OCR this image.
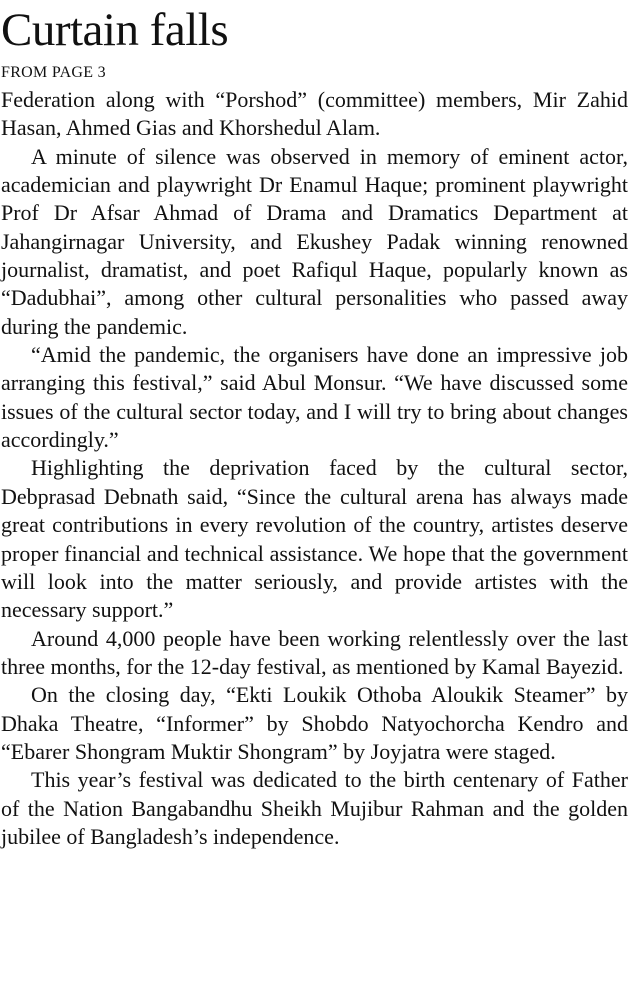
Curtain falls
FROM PAGE 3

Federation along with “Porshod” (committee) members, Mir Zahid Hasan, Ahmed Gias and Khorshedul Alam.

A minute of silence was observed in memory of eminent actor, academician and playwright Dr Enamul Haque; prominent playwright Prof Dr Afsar Ahmad of Drama and Dramatics Department at Jahangirnagar University, and Ekushey Padak winning renowned journalist, dramatist, and poet Rafiqul Haque, popularly known as “Dadubhai”, among other cultural personalities who passed away during the pandemic.

“Amid the pandemic, the organisers have done an impressive job arranging this festival,” said Abul Monsur. “We have discussed some issues of the cultural sector today, and I will try to bring about changes accordingly.”

Highlighting the deprivation faced by the cultural sector, Debprasad Debnath said, “Since the cultural arena has always made great contributions in every revolution of the country, artistes deserve proper financial and technical assistance. We hope that the government will look into the matter seriously, and provide artistes with the necessary support.”

Around 4,000 people have been working relentlessly over the last three months, for the 12-day festival, as mentioned by Kamal Bayezid.

On the closing day, “Ekti Loukik Othoba Aloukik Steamer” by Dhaka Theatre, “Informer” by Shobdo Natyochorcha Kendro and “Ebarer Shongram Muktir Shongram” by Joyjatra were staged.

This year’s festival was dedicated to the birth centenary of Father of the Nation Bangabandhu Sheikh Mujibur Rahman and the golden jubilee of Bangladesh’s independence.
